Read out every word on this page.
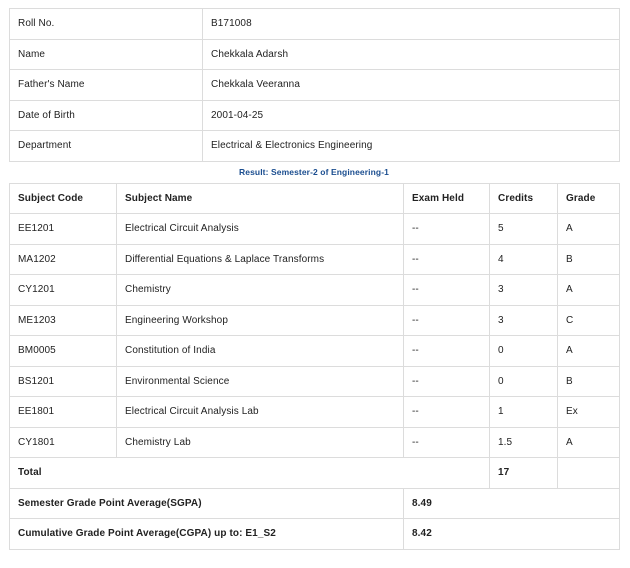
Roll No.	B171008
Name	Chekkala Adarsh
Father's Name	Chekkala Veeranna
Date of Birth	2001-04-25
Department	Electrical & Electronics Engineering
Result: Semester-2 of Engineering-1
Subject Code	Subject Name	Exam Held	Credits	Grade
EE1201	Electrical Circuit Analysis	--	5	A
MA1202	Differential Equations & Laplace Transforms	--	4	B
CY1201	Chemistry	--	3	A
ME1203	Engineering Workshop	--	3	C
BM0005	Constitution of India	--	0	A
BS1201	Environmental Science	--	0	B
EE1801	Electrical Circuit Analysis Lab	--	1	Ex
CY1801	Chemistry Lab	--	1.5	A
Total			17	
Semester Grade Point Average(SGPA)		8.49		
Cumulative Grade Point Average(CGPA) up to: E1_S2		8.42		
